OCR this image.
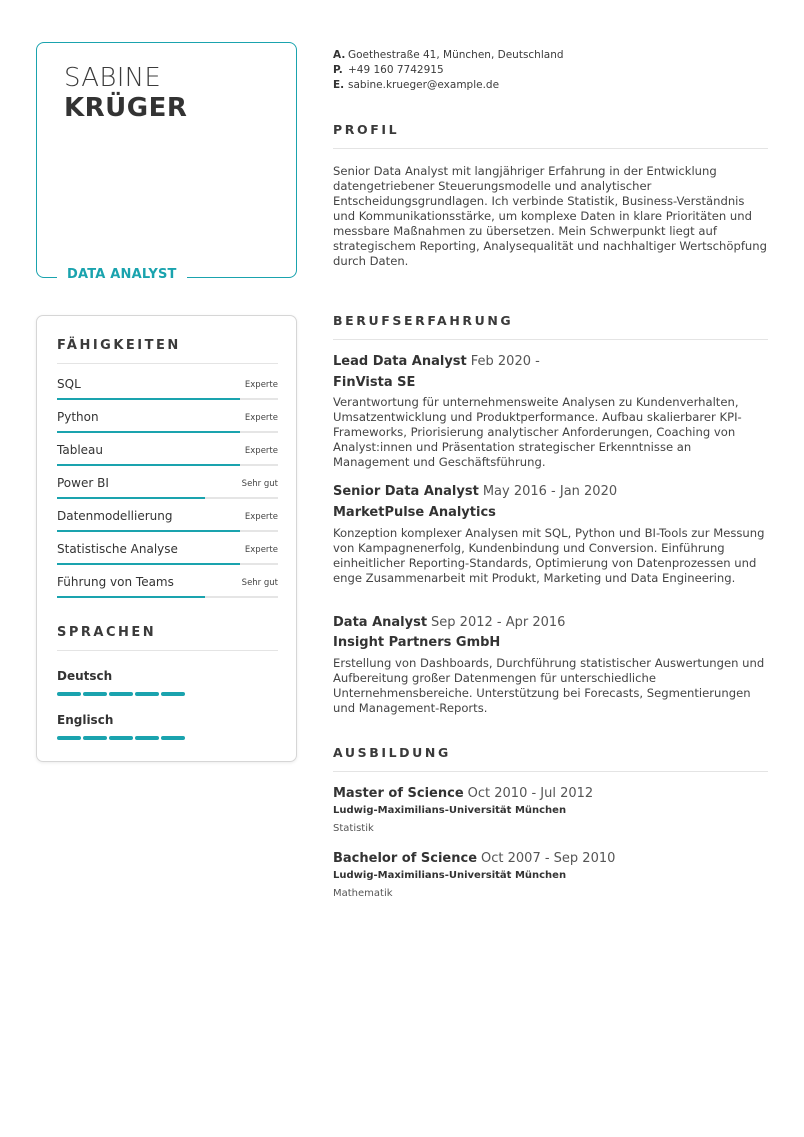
SABINE
KRÜGER
DATA ANALYST
FÄHIGKEITEN
SQL	Experte
Python	Experte
Tableau	Experte
Power BI	Sehr gut
Datenmodellierung	Experte
Statistische Analyse	Experte
Führung von Teams	Sehr gut
SPRACHEN
Deutsch
Englisch
A. Goethestraße 41, München, Deutschland
P. +49 160 7742915
E. sabine.krueger@example.de
PROFIL
Senior Data Analyst mit langjähriger Erfahrung in der Entwicklung datengetriebener Steuerungsmodelle und analytischer Entscheidungsgrundlagen. Ich verbinde Statistik, Business-Verständnis und Kommunikationsstärke, um komplexe Daten in klare Prioritäten und messbare Maßnahmen zu übersetzen. Mein Schwerpunkt liegt auf strategischem Reporting, Analysequalität und nachhaltiger Wertschöpfung durch Daten.
BERUFSERFAHRUNG
Lead Data Analyst Feb 2020 -
FinVista SE
Verantwortung für unternehmensweite Analysen zu Kundenverhalten, Umsatzentwicklung und Produktperformance. Aufbau skalierbarer KPI-Frameworks, Priorisierung analytischer Anforderungen, Coaching von Analyst:innen und Präsentation strategischer Erkenntnisse an Management und Geschäftsführung.
Senior Data Analyst May 2016 - Jan 2020
MarketPulse Analytics
Konzeption komplexer Analysen mit SQL, Python und BI-Tools zur Messung von Kampagnenerfolg, Kundenbindung und Conversion. Einführung einheitlicher Reporting-Standards, Optimierung von Datenprozessen und enge Zusammenarbeit mit Produkt, Marketing und Data Engineering.
Data Analyst Sep 2012 - Apr 2016
Insight Partners GmbH
Erstellung von Dashboards, Durchführung statistischer Auswertungen und Aufbereitung großer Datenmengen für unterschiedliche Unternehmensbereiche. Unterstützung bei Forecasts, Segmentierungen und Management-Reports.
AUSBILDUNG
Master of Science Oct 2010 - Jul 2012
Ludwig-Maximilians-Universität München
Statistik
Bachelor of Science Oct 2007 - Sep 2010
Ludwig-Maximilians-Universität München
Mathematik
